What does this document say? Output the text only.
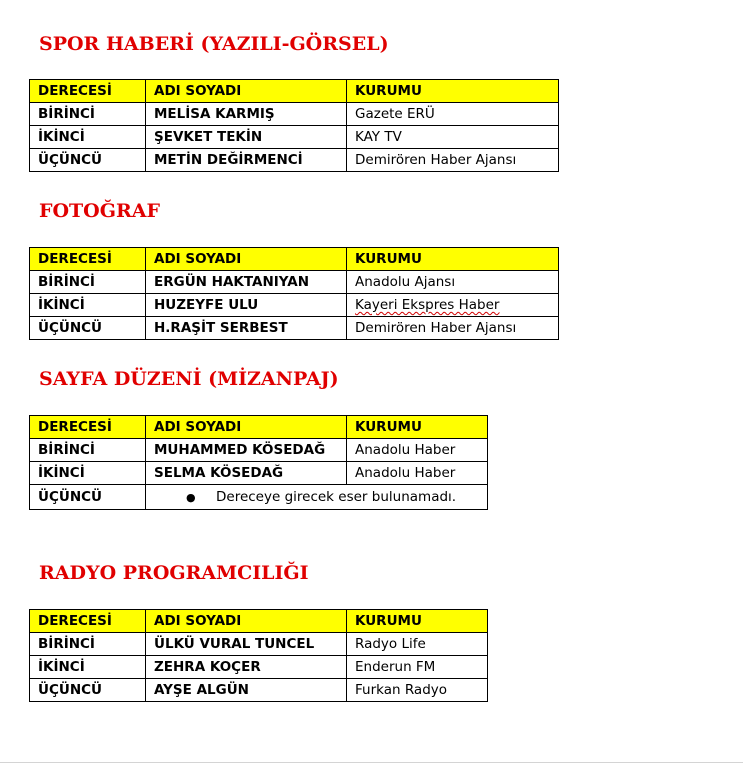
SPOR HABERİ (YAZILI-GÖRSEL)
DERECESİ	ADI SOYADI	KURUMU
BİRİNCİ	MELİSA KARMIŞ	Gazete ERÜ
İKİNCİ	ŞEVKET TEKİN	KAY TV
ÜÇÜNCÜ	METİN DEĞİRMENCİ	Demirören Haber Ajansı
FOTOĞRAF
DERECESİ	ADI SOYADI	KURUMU
BİRİNCİ	ERGÜN HAKTANIYAN	Anadolu Ajansı
İKİNCİ	HUZEYFE ULU	Kayeri Ekspres Haber
ÜÇÜNCÜ	H.RAŞİT SERBEST	Demirören Haber Ajansı
SAYFA DÜZENİ (MİZANPAJ)
DERECESİ	ADI SOYADI	KURUMU
BİRİNCİ	MUHAMMED KÖSEDAĞ	Anadolu Haber
İKİNCİ	SELMA KÖSEDAĞ	Anadolu Haber
ÜÇÜNCÜ	● Dereceye girecek eser bulunamadı.	
RADYO PROGRAMCILIĞI
DERECESİ	ADI SOYADI	KURUMU
BİRİNCİ	ÜLKÜ VURAL TUNCEL	Radyo Life
İKİNCİ	ZEHRA KOÇER	Enderun FM
ÜÇÜNCÜ	AYŞE ALGÜN	Furkan Radyo
